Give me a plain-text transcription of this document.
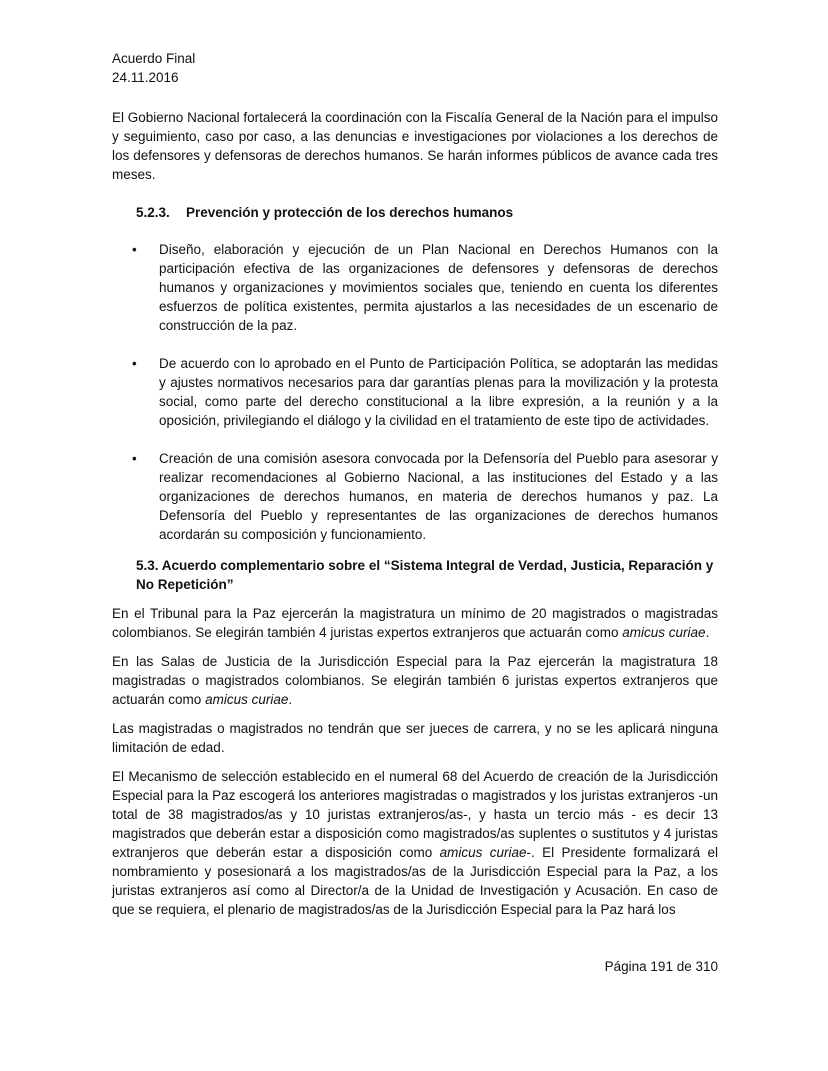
Acuerdo Final
24.11.2016

El Gobierno Nacional fortalecerá la coordinación con la Fiscalía General de la Nación para el impulso y seguimiento, caso por caso, a las denuncias e investigaciones por violaciones a los derechos de los defensores y defensoras de derechos humanos. Se harán informes públicos de avance cada tres meses.

5.2.3. Prevención y protección de los derechos humanos
• Diseño, elaboración y ejecución de un Plan Nacional en Derechos Humanos con la participación efectiva de las organizaciones de defensores y defensoras de derechos humanos y organizaciones y movimientos sociales que, teniendo en cuenta los diferentes esfuerzos de política existentes, permita ajustarlos a las necesidades de un escenario de construcción de la paz.
• De acuerdo con lo aprobado en el Punto de Participación Política, se adoptarán las medidas y ajustes normativos necesarios para dar garantías plenas para la movilización y la protesta social, como parte del derecho constitucional a la libre expresión, a la reunión y a la oposición, privilegiando el diálogo y la civilidad en el tratamiento de este tipo de actividades.
• Creación de una comisión asesora convocada por la Defensoría del Pueblo para asesorar y realizar recomendaciones al Gobierno Nacional, a las instituciones del Estado y a las organizaciones de derechos humanos, en materia de derechos humanos y paz. La Defensoría del Pueblo y representantes de las organizaciones de derechos humanos acordarán su composición y funcionamiento.
5.3. Acuerdo complementario sobre el “Sistema Integral de Verdad, Justicia, Reparación y No Repetición”

En el Tribunal para la Paz ejercerán la magistratura un mínimo de 20 magistrados o magistradas colombianos. Se elegirán también 4 juristas expertos extranjeros que actuarán como amicus curiae.

En las Salas de Justicia de la Jurisdicción Especial para la Paz ejercerán la magistratura 18 magistradas o magistrados colombianos. Se elegirán también 6 juristas expertos extranjeros que actuarán como amicus curiae.

Las magistradas o magistrados no tendrán que ser jueces de carrera, y no se les aplicará ninguna limitación de edad.

El Mecanismo de selección establecido en el numeral 68 del Acuerdo de creación de la Jurisdicción Especial para la Paz escogerá los anteriores magistradas o magistrados y los juristas extranjeros -un total de 38 magistrados/as y 10 juristas extranjeros/as-, y hasta un tercio más - es decir 13 magistrados que deberán estar a disposición como magistrados/as suplentes o sustitutos y 4 juristas extranjeros que deberán estar a disposición como amicus curiae-. El Presidente formalizará el nombramiento y posesionará a los magistrados/as de la Jurisdicción Especial para la Paz, a los juristas extranjeros así como al Director/a de la Unidad de Investigación y Acusación. En caso de que se requiera, el plenario de magistrados/as de la Jurisdicción Especial para la Paz hará los

Página 191 de 310
